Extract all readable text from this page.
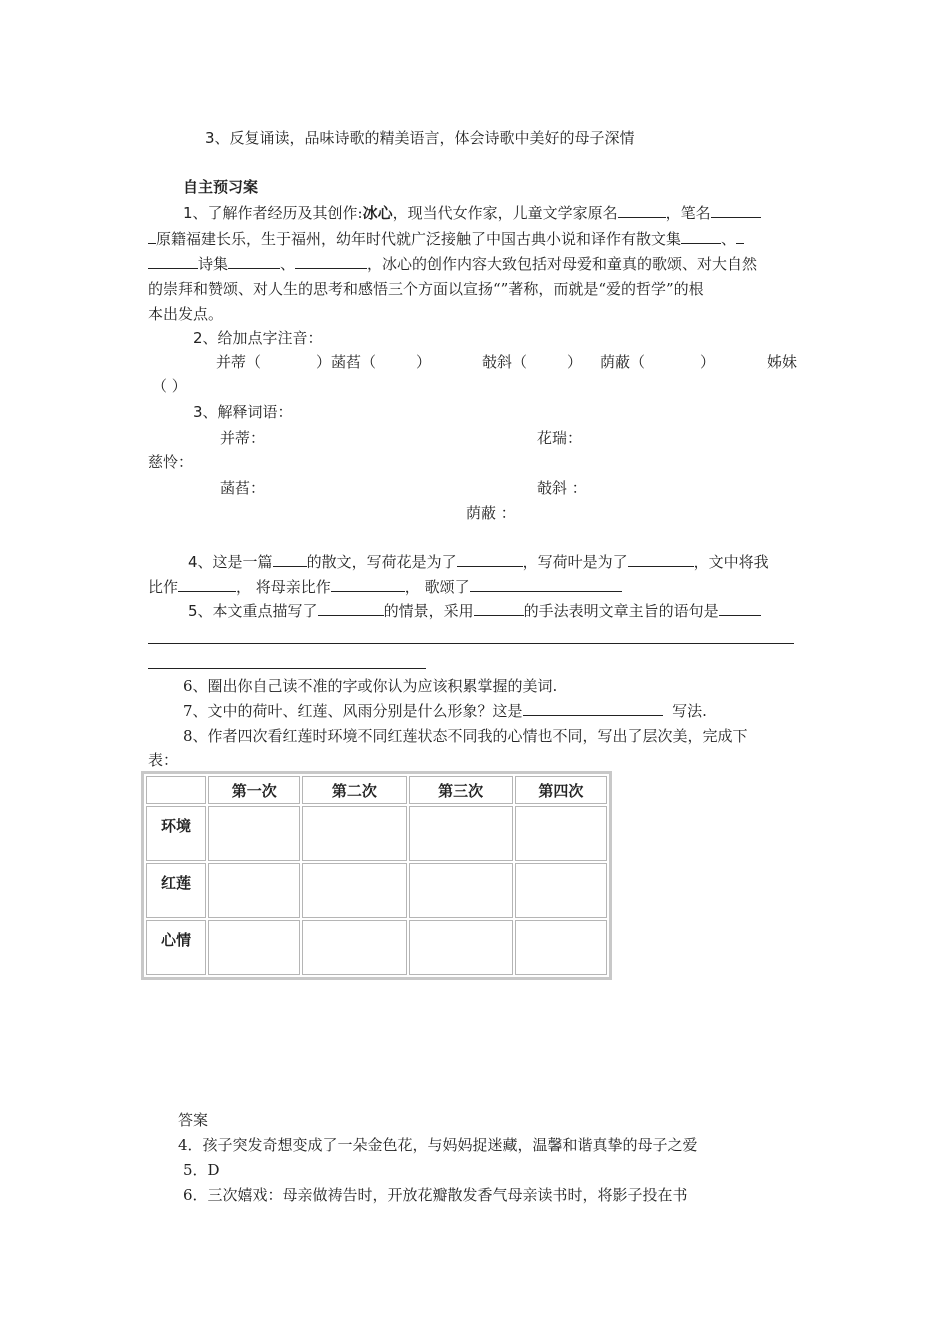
3、反复诵读，品味诗歌的精美语言，体会诗歌中美好的母子深情
自主预习案
1、了解作者经历及其创作:冰心，现当代女作家，儿童文学家原名	，笔名
原籍福建长乐，生于福州，幼年时代就广泛接触了中国古典小说和译作有散文集	、
诗集	、	，冰心的创作内容大致包括对母爱和童真的歌颂、对大自然
的崇拜和赞颂、对人生的思考和感悟三个方面以宣扬“”著称，而就是“爱的哲学”的根
本出发点。
2、给加点字注音：
并蒂（	）菡萏（	）	攲斜（	） 荫蔽（	）	姊妹
（ ）
3、解释词语：
并蒂：	花瑞：
慈怜：
菡萏：	攲斜 ：
荫蔽 ：
4、这是一篇 的散文，写荷花是为了	，写荷叶是为了	，文中将我
比作	， 将母亲比作	， 歌颂了
5、本文重点描写了	的情景，采用	的手法表明文章主旨的语句是
6、圈出你自己读不准的字或你认为应该积累掌握的美词.
7、文中的荷叶、红莲、风雨分别是什么形象？这是	写法.
8、作者四次看红莲时环境不同红莲状态不同我的心情也不同，写出了层次美，完成下
表：
	第一次	第二次	第三次	第四次
环境				
红莲				
心情				
答案
4．孩子突发奇想变成了一朵金色花，与妈妈捉迷藏，温馨和谐真挚的母子之爱
5．D
6．三次嬉戏：母亲做祷告时，开放花瓣散发香气母亲读书时，将影子投在书
